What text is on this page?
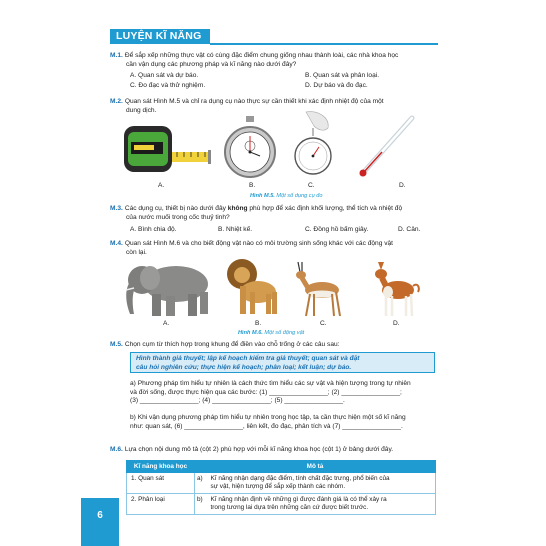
LUYỆN KĨ NĂNG
M.1. Để sắp xếp những thực vật có cùng đặc điểm chung giống nhau thành loài, các nhà khoa học
cần vận dụng các phương pháp và kĩ năng nào dưới đây?
A. Quan sát và dự báo.	B. Quan sát và phân loại.
C. Đo đạc và thử nghiệm.	D. Dự báo và đo đạc.
M.2. Quan sát Hình M.5 và chỉ ra dụng cụ nào thực sự cần thiết khi xác định nhiệt độ của một
dung dịch.
A.	B.	C.	D.
Hình M.5. Một số dụng cụ đo
M.3. Các dụng cụ, thiết bị nào dưới đây không phù hợp để xác định khối lượng, thể tích và nhiệt độ
của nước muối trong cốc thuỷ tinh?
A. Bình chia độ.	B. Nhiệt kế.	C. Đồng hồ bấm giây.	D. Cân.
M.4. Quan sát Hình M.6 và cho biết động vật nào có môi trường sinh sống khác với các động vật
còn lại.
A.	B.	C.	D.
Hình M.6. Một số động vật
M.5. Chọn cụm từ thích hợp trong khung để điền vào chỗ trống ở các câu sau:
Hình thành giả thuyết; lập kế hoạch kiểm tra giả thuyết; quan sát và đặt
câu hỏi nghiên cứu; thực hiện kế hoạch; phân loại; kết luận; dự báo.
a) Phương pháp tìm hiểu tự nhiên là cách thức tìm hiểu các sự vật và hiện tượng trong tự nhiên
và đời sống, được thực hiện qua các bước: (1) ________________; (2) ________________;
(3) ________________; (4) ________________; (5) ________________.
b) Khi vận dụng phương pháp tìm hiểu tự nhiên trong học tập, ta cần thực hiện một số kĩ năng
như: quan sát, (6) ________________, liên kết, đo đạc, phân tích và (7) ________________.
M.6. Lựa chọn nội dung mô tả (cột 2) phù hợp với mỗi kĩ năng khoa học (cột 1) ở bảng dưới đây.
Kĩ năng khoa học	Mô tả	
1. Quan sát	a)	Kĩ năng nhận dạng đặc điểm, tính chất đặc trưng, phổ biến của
sự vật, hiện tượng để sắp xếp thành các nhóm.

2. Phân loại	b)	Kĩ năng nhận định về những gì được đánh giá là có thể xảy ra
trong tương lai dựa trên những căn cứ được biết trước.
6
